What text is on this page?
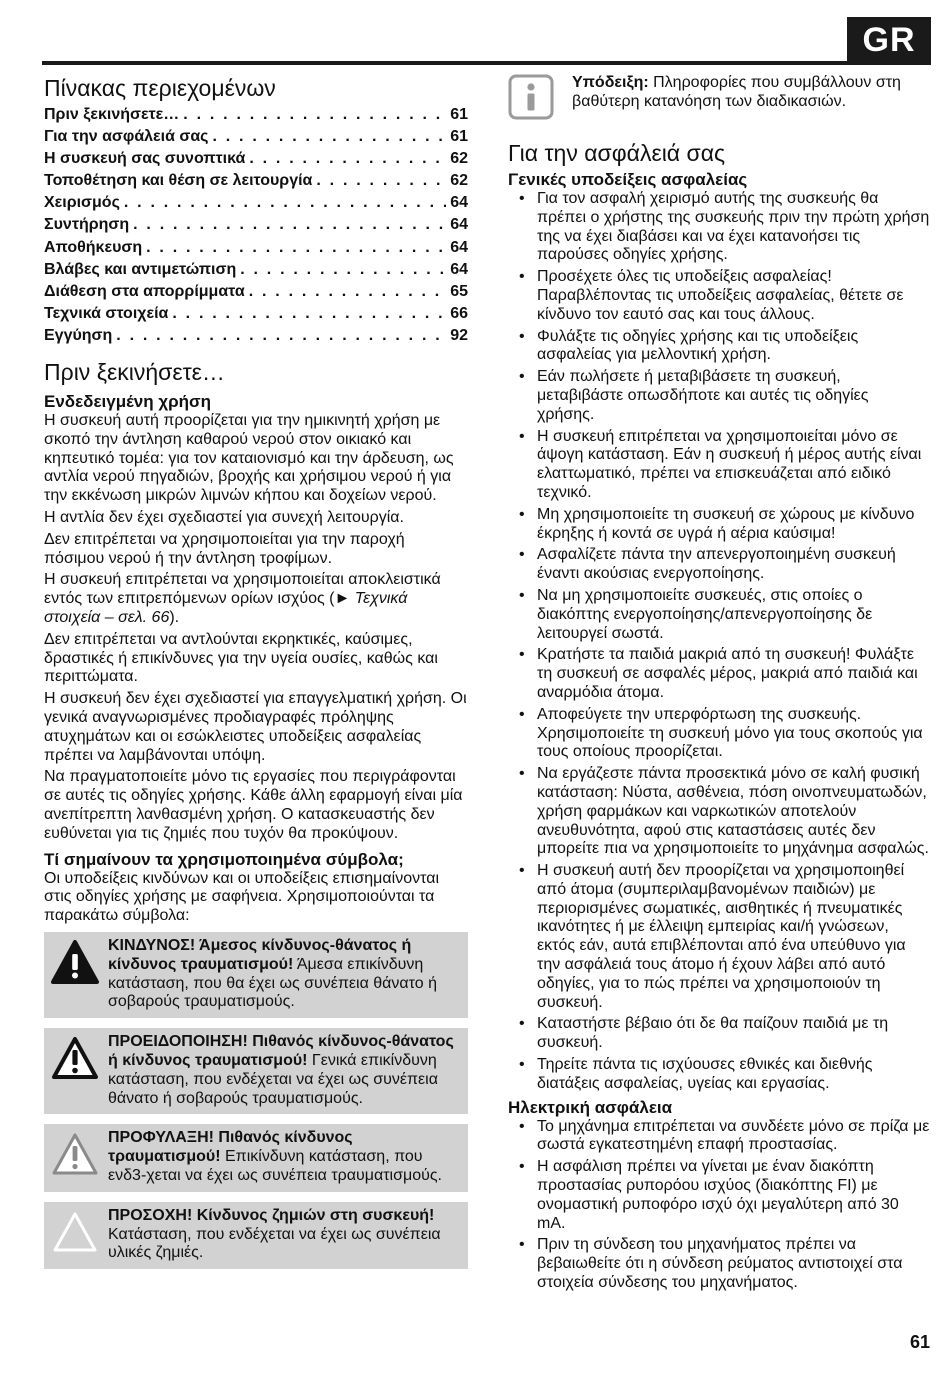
GR
Πίνακας περιεχομένων
Πριν ξεκινήσετε… . . .	61
Για την ασφάλειά σας . . .	61
Η συσκευή σας συνοπτικά . . .	62
Τοποθέτηση και θέση σε λειτουργία . . .	62
Χειρισμός . . .	64
Συντήρηση . . .	64
Αποθήκευση . . .	64
Βλάβες και αντιμετώπιση . . .	64
Διάθεση στα απορρίμματα . . .	65
Τεχνικά στοιχεία . . .	66
Εγγύηση . . .	92
Πριν ξεκινήσετε…
Ενδεδειγμένη χρήση

Η συσκευή αυτή προορίζεται για την ημικινητή χρήση με σκοπό την άντληση καθαρού νερού στον οικιακό και κηπευτικό τομέα: για τον καταιονισμό και την άρδευση, ως αντλία νερού πηγαδιών, βροχής και χρήσιμου νερού ή για την εκκένωση μικρών λιμνών κήπου και δοχείων νερού.

Η αντλία δεν έχει σχεδιαστεί για συνεχή λειτουργία.

Δεν επιτρέπεται να χρησιμοποιείται για την παροχή πόσιμου νερού ή την άντληση τροφίμων.

Η συσκευή επιτρέπεται να χρησιμοποιείται αποκλειστικά εντός των επιτρεπόμενων ορίων ισχύος (► Τεχνικά στοιχεία – σελ. 66).

Δεν επιτρέπεται να αντλούνται εκρηκτικές, καύσιμες, δραστικές ή επικίνδυνες για την υγεία ουσίες, καθώς και περιττώματα.

Η συσκευή δεν έχει σχεδιαστεί για επαγγελματική χρήση. Οι γενικά αναγνωρισμένες προδιαγραφές πρόληψης ατυχημάτων και οι εσώκλειστες υποδείξεις ασφαλείας πρέπει να λαμβάνονται υπόψη.

Να πραγματοποιείτε μόνο τις εργασίες που περιγράφονται σε αυτές τις οδηγίες χρήσης. Κάθε άλλη εφαρμογή είναι μία ανεπίτρεπτη λανθασμένη χρήση. Ο κατασκευαστής δεν ευθύνεται για τις ζημιές που τυχόν θα προκύψουν.

Τί σημαίνουν τα χρησιμοποιημένα σύμβολα;

Οι υποδείξεις κινδύνων και οι υποδείξεις επισημαίνονται στις οδηγίες χρήσης με σαφήνεια. Χρησιμοποιούνται τα παρακάτω σύμβολα:

ΚΙΝΔΥΝΟΣ! Άμεσος κίνδυνος-θάνατος ή κίνδυνος τραυματισμού! Άμεσα επικίνδυνη κατάσταση, που θα έχει ως συνέπεια θάνατο ή σοβαρούς τραυματισμούς.
ΠΡΟΕΙΔΟΠΟΙΗΣΗ! Πιθανός κίνδυνος-θάνατος ή κίνδυνος τραυματισμού! Γενικά επικίνδυνη κατάσταση, που ενδέχεται να έχει ως συνέπεια θάνατο ή σοβαρούς τραυματισμούς.
ΠΡΟΦΥΛΑΞΗ! Πιθανός κίνδυνος τραυματισμού! Επικίνδυνη κατάσταση, που ενδ3-χεται να έχει ως συνέπεια τραυματισμούς.
ΠΡΟΣΟΧΗ! Κίνδυνος ζημιών στη συσκευή! Κατάσταση, που ενδέχεται να έχει ως συνέπεια υλικές ζημιές.
Υπόδειξη: Πληροφορίες που συμβάλλουν στη βαθύτερη κατανόηση των διαδικασιών.
Για την ασφάλειά σας
Γενικές υποδείξεις ασφαλείας
• Για τον ασφαλή χειρισμό αυτής της συσκευής θα πρέπει ο χρήστης της συσκευής πριν την πρώτη χρήση της να έχει διαβάσει και να έχει κατανοήσει τις παρούσες οδηγίες χρήσης.
• Προσέχετε όλες τις υποδείξεις ασφαλείας! Παραβλέποντας τις υποδείξεις ασφαλείας, θέτετε σε κίνδυνο τον εαυτό σας και τους άλλους.
• Φυλάξτε τις οδηγίες χρήσης και τις υποδείξεις ασφαλείας για μελλοντική χρήση.
• Εάν πωλήσετε ή μεταβιβάσετε τη συσκευή, μεταβιβάστε οπωσδήποτε και αυτές τις οδηγίες χρήσης.
• Η συσκευή επιτρέπεται να χρησιμοποιείται μόνο σε άψογη κατάσταση. Εάν η συσκευή ή μέρος αυτής είναι ελαττωματικό, πρέπει να επισκευάζεται από ειδικό τεχνικό.
• Μη χρησιμοποιείτε τη συσκευή σε χώρους με κίνδυνο έκρηξης ή κοντά σε υγρά ή αέρια καύσιμα!
• Ασφαλίζετε πάντα την απενεργοποιημένη συσκευή έναντι ακούσιας ενεργοποίησης.
• Να μη χρησιμοποιείτε συσκευές, στις οποίες ο διακόπτης ενεργοποίησης/απενεργοποίησης δε λειτουργεί σωστά.
• Κρατήστε τα παιδιά μακριά από τη συσκευή! Φυλάξτε τη συσκευή σε ασφαλές μέρος, μακριά από παιδιά και αναρμόδια άτομα.
• Αποφεύγετε την υπερφόρτωση της συσκευής. Χρησιμοποιείτε τη συσκευή μόνο για τους σκοπούς για τους οποίους προορίζεται.
• Να εργάζεστε πάντα προσεκτικά μόνο σε καλή φυσική κατάσταση: Νύστα, ασθένεια, πόση οινοπνευματωδών, χρήση φαρμάκων και ναρκωτικών αποτελούν ανευθυνότητα, αφού στις καταστάσεις αυτές δεν μπορείτε πια να χρησιμοποιείτε το μηχάνημα ασφαλώς.
• Η συσκευή αυτή δεν προορίζεται να χρησιμοποιηθεί από άτομα (συμπεριλαμβανομένων παιδιών) με περιορισμένες σωματικές, αισθητικές ή πνευματικές ικανότητες ή με έλλειψη εμπειρίας και/ή γνώσεων, εκτός εάν, αυτά επιβλέπονται από ένα υπεύθυνο για την ασφάλειά τους άτομο ή έχουν λάβει από αυτό οδηγίες, για το πώς πρέπει να χρησιμοποιούν τη συσκευή.
• Καταστήστε βέβαιο ότι δε θα παίζουν παιδιά με τη συσκευή.
• Τηρείτε πάντα τις ισχύουσες εθνικές και διεθνής διατάξεις ασφαλείας, υγείας και εργασίας.
Ηλεκτρική ασφάλεια
• Το μηχάνημα επιτρέπεται να συνδέετε μόνο σε πρίζα με σωστά εγκατεστημένη επαφή προστασίας.
• Η ασφάλιση πρέπει να γίνεται με έναν διακόπτη προστασίας ρυπορόου ισχύος (διακόπτης FI) με ονομαστική ρυποφόρο ισχύ όχι μεγαλύτερη από 30 mA.
• Πριν τη σύνδεση του μηχανήματος πρέπει να βεβαιωθείτε ότι η σύνδεση ρεύματος αντιστοιχεί στα στοιχεία σύνδεσης του μηχανήματος.
61
